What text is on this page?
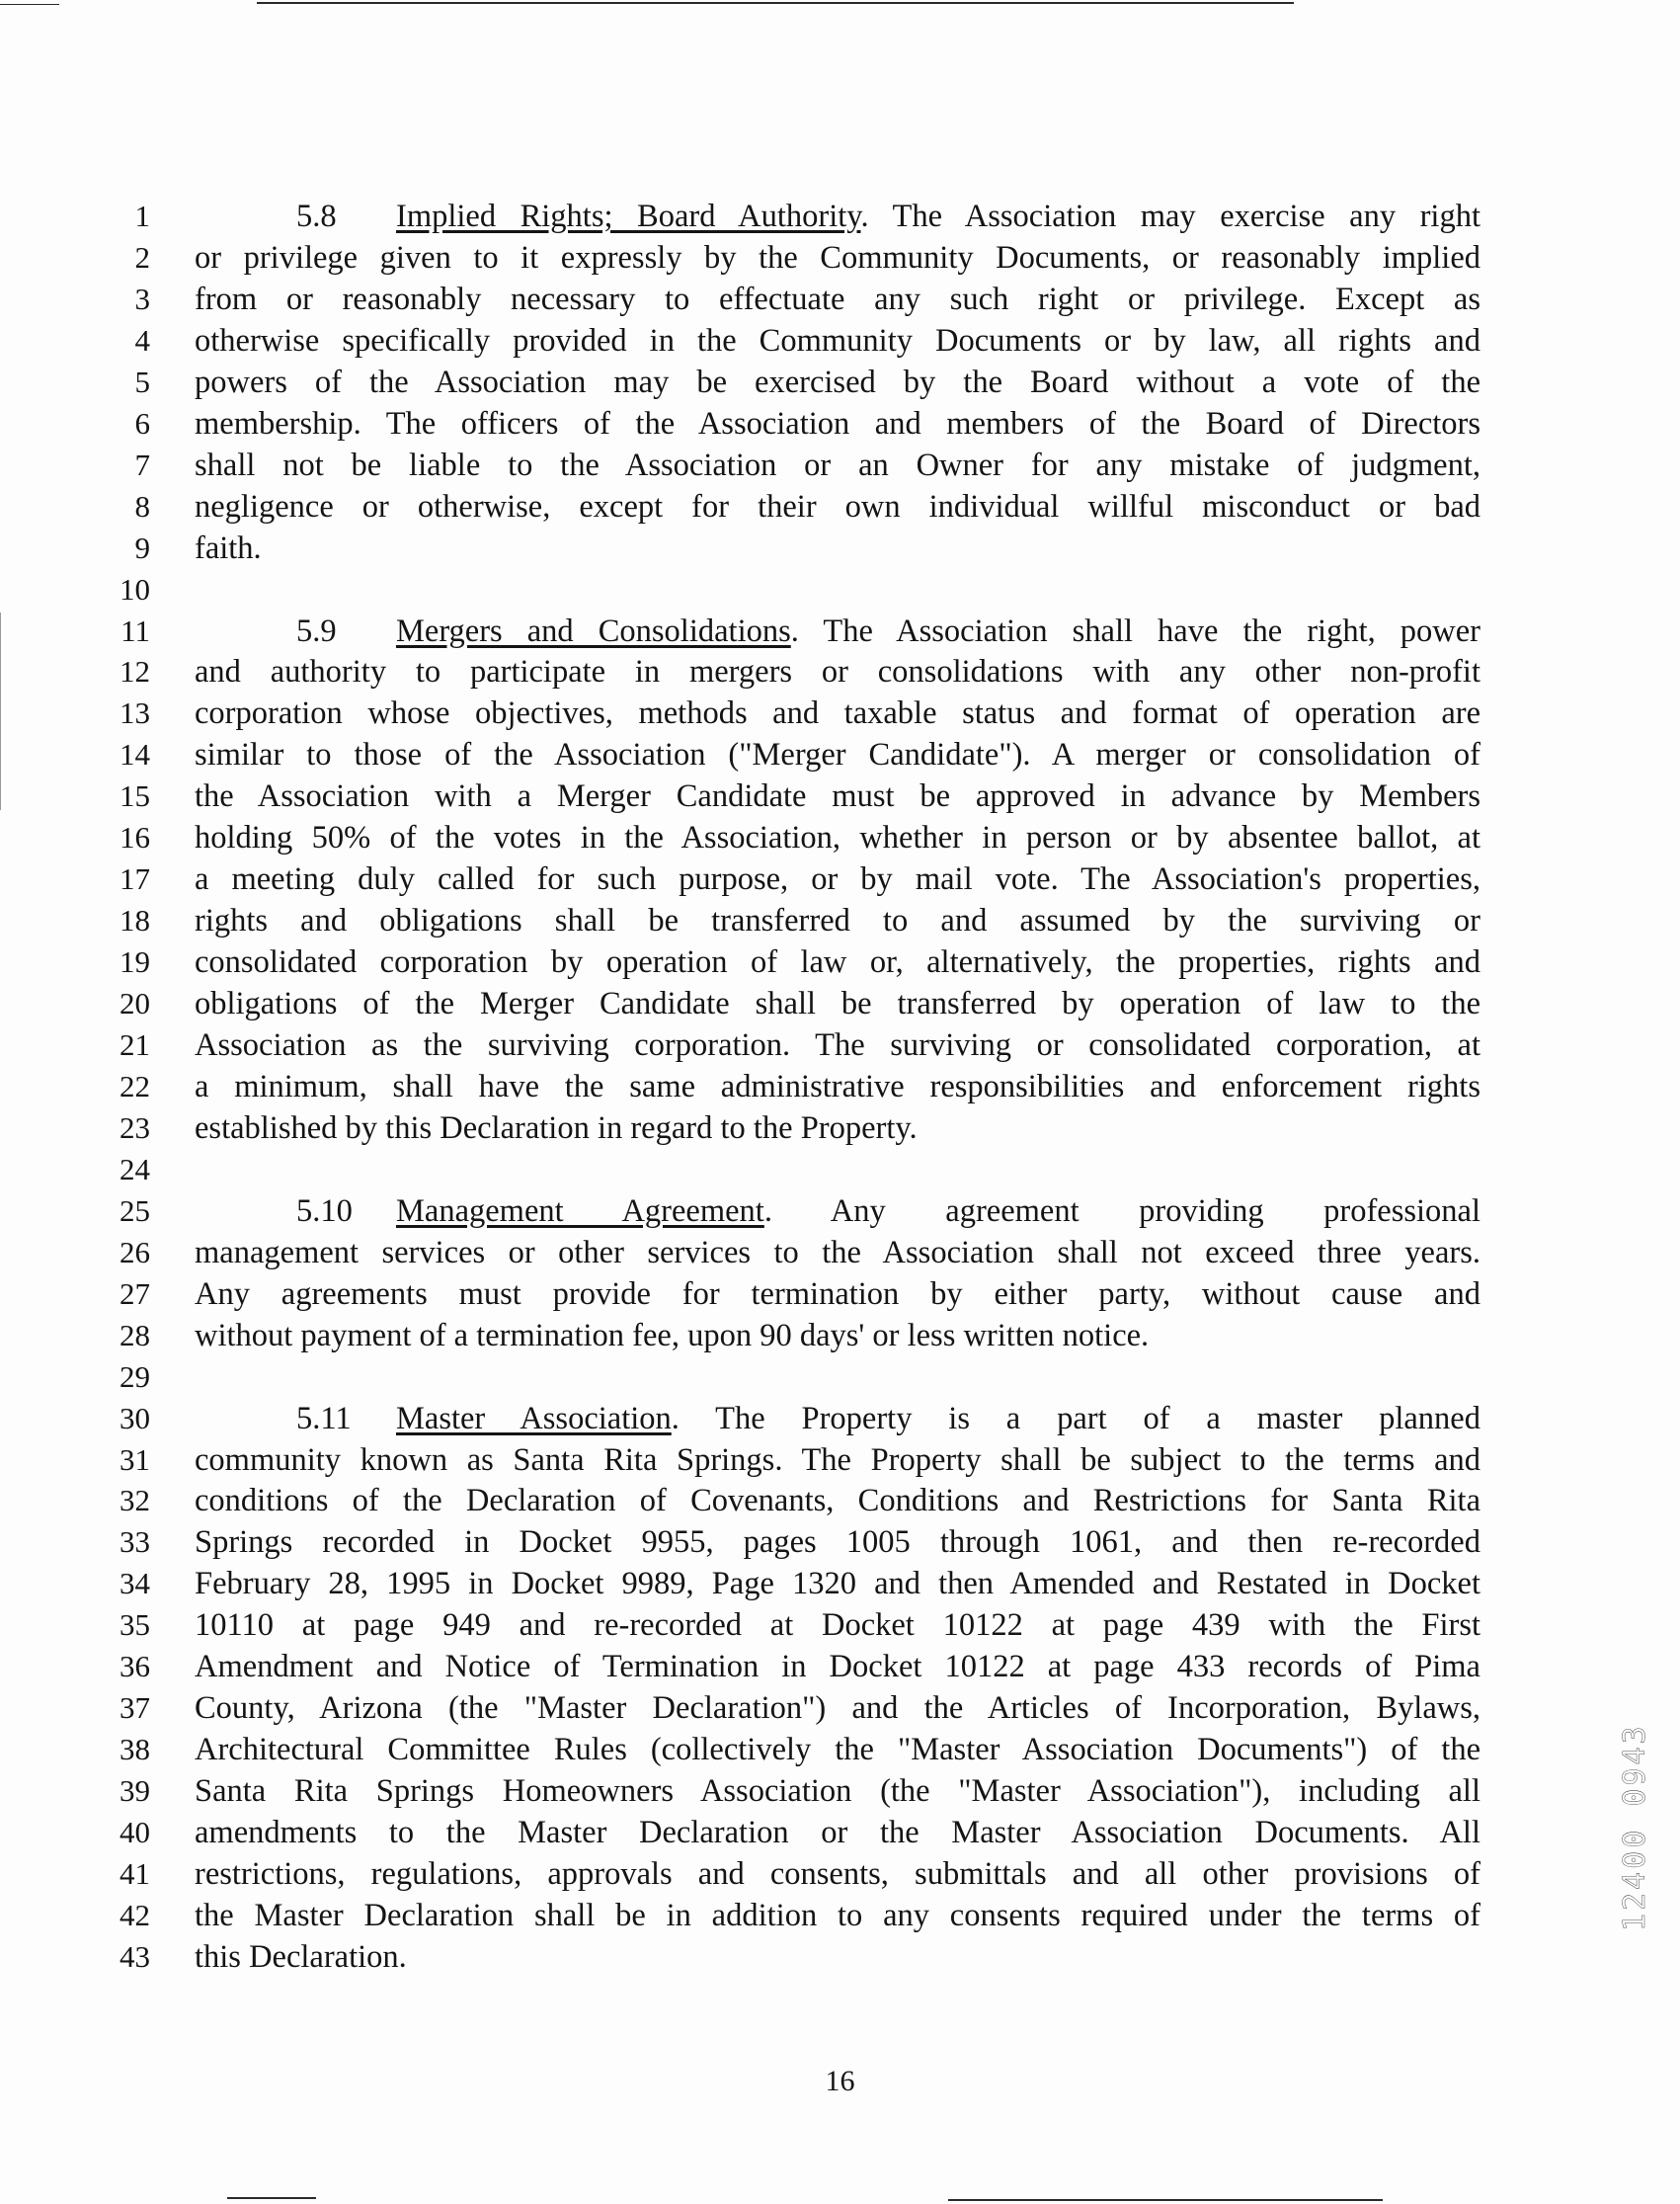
1	5.8 Implied Rights; Board Authority. The Association may exercise any right
2 or privilege given to it expressly by the Community Documents, or reasonably implied
3 from or reasonably necessary to effectuate any such right or privilege. Except as
4 otherwise specifically provided in the Community Documents or by law, all rights and
5 powers of the Association may be exercised by the Board without a vote of the
6 membership. The officers of the Association and members of the Board of Directors
7 shall not be liable to the Association or an Owner for any mistake of judgment,
8 negligence or otherwise, except for their own individual willful misconduct or bad
9 faith.
10
11	5.9 Mergers and Consolidations. The Association shall have the right, power
12 and authority to participate in mergers or consolidations with any other non-profit
13 corporation whose objectives, methods and taxable status and format of operation are
14 similar to those of the Association ("Merger Candidate"). A merger or consolidation of
15 the Association with a Merger Candidate must be approved in advance by Members
16 holding 50% of the votes in the Association, whether in person or by absentee ballot, at
17 a meeting duly called for such purpose, or by mail vote. The Association's properties,
18 rights and obligations shall be transferred to and assumed by the surviving or
19 consolidated corporation by operation of law or, alternatively, the properties, rights and
20 obligations of the Merger Candidate shall be transferred by operation of law to the
21 Association as the surviving corporation. The surviving or consolidated corporation, at
22 a minimum, shall have the same administrative responsibilities and enforcement rights
23 established by this Declaration in regard to the Property.
24
25	5.10 Management Agreement. Any agreement providing professional
26 management services or other services to the Association shall not exceed three years.
27 Any agreements must provide for termination by either party, without cause and
28 without payment of a termination fee, upon 90 days' or less written notice.
29
30	5.11 Master Association. The Property is a part of a master planned
31 community known as Santa Rita Springs. The Property shall be subject to the terms and
32 conditions of the Declaration of Covenants, Conditions and Restrictions for Santa Rita
33 Springs recorded in Docket 9955, pages 1005 through 1061, and then re-recorded
34 February 28, 1995 in Docket 9989, Page 1320 and then Amended and Restated in Docket
35 10110 at page 949 and re-recorded at Docket 10122 at page 439 with the First
36 Amendment and Notice of Termination in Docket 10122 at page 433 records of Pima
37 County, Arizona (the "Master Declaration") and the Articles of Incorporation, Bylaws,
38 Architectural Committee Rules (collectively the "Master Association Documents") of the
39 Santa Rita Springs Homeowners Association (the "Master Association"), including all
40 amendments to the Master Declaration or the Master Association Documents. All
41 restrictions, regulations, approvals and consents, submittals and all other provisions of
42 the Master Declaration shall be in addition to any consents required under the terms of
43 this Declaration.
16
12400 0943
